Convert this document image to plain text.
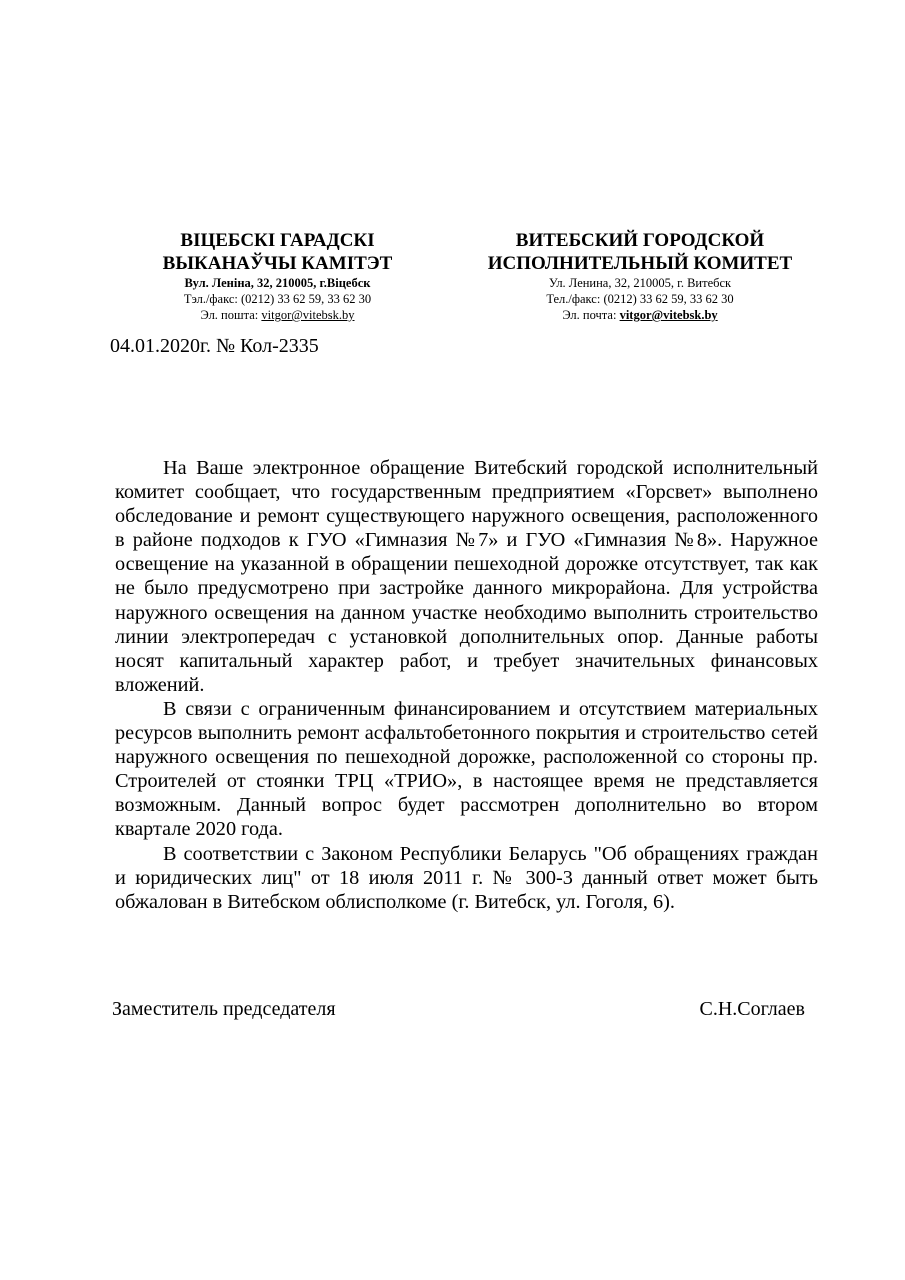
ВІЦЕБСКІ ГАРАДСКІ
ВЫКАНАЎЧЫ КАМІТЭТ
Вул. Леніна, 32, 210005, г.Віцебск
Тэл./факс: (0212) 33 62 59, 33 62 30
Эл. пошта: vitgor@vitebsk.by
ВИТЕБСКИЙ ГОРОДСКОЙ
ИСПОЛНИТЕЛЬНЫЙ КОМИТЕТ
Ул. Ленина, 32, 210005, г. Витебск
Тел./факс: (0212) 33 62 59, 33 62 30
Эл. почта: vitgor@vitebsk.by
04.01.2020г. № Кол-2335

На Ваше электронное обращение Витебский городской исполнительный комитет сообщает, что государственным предприятием «Горсвет» выполнено обследование и ремонт существующего наружного освещения, расположенного в районе подходов к ГУО «Гимназия №7» и ГУО «Гимназия №8». Наружное освещение на указанной в обращении пешеходной дорожке отсутствует, так как не было предусмотрено при застройке данного микрорайона. Для устройства наружного освещения на данном участке необходимо выполнить строительство линии электропередач с установкой дополнительных опор. Данные работы носят капитальный характер работ, и требует значительных финансовых вложений.

В связи с ограниченным финансированием и отсутствием материальных ресурсов выполнить ремонт асфальтобетонного покрытия и строительство сетей наружного освещения по пешеходной дорожке, расположенной со стороны пр. Строителей от стоянки ТРЦ «ТРИО», в настоящее время не представляется возможным. Данный вопрос будет рассмотрен дополнительно во втором квартале 2020 года.

В соответствии с Законом Республики Беларусь "Об обращениях граждан и юридических лиц" от 18 июля 2011 г. № 300-3 данный ответ может быть обжалован в Витебском облисполкоме (г. Витебск, ул. Гоголя, 6).

Заместитель председателя	С.Н.Соглаев
